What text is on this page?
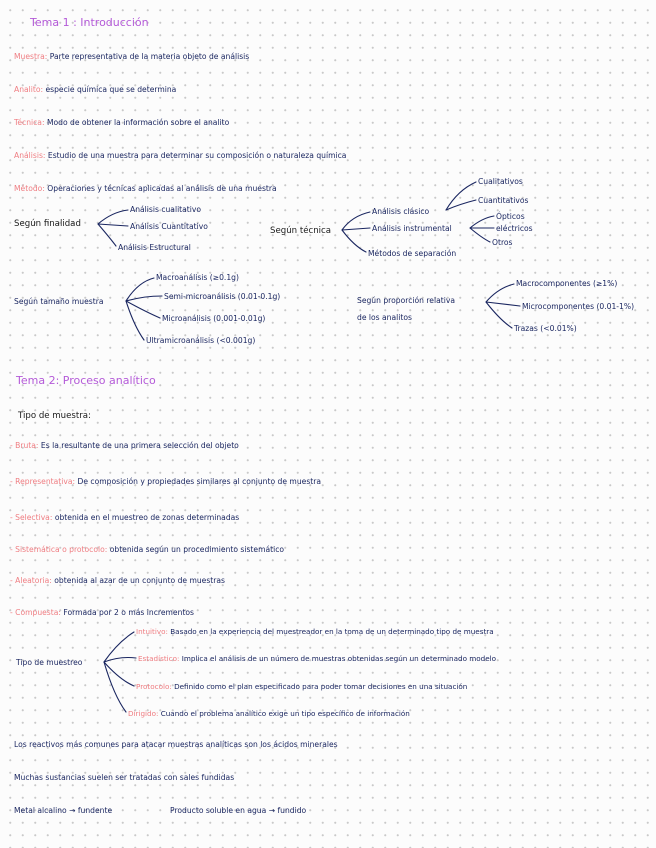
Tema 1 : Introducción
Muestra: Parte representativa de la materia objeto de análisis
Analito: especie química que se determina
Técnica: Modo de obtener la información sobre el analito
Análisis: Estudio de una muestra para determinar su composición o naturaleza química
Método: Operaciones y técnicas aplicadas al análisis de una muestra
Según finalidad
Análisis cualitativo
Análisis Cuantitativo
Análisis Estructural
Según técnica
Análisis clásico
Cualitativos
Cuantitativos
Análisis instrumental
Ópticos
eléctricos
Otros
Métodos de separación
Según tamaño muestra
Macroanálisis (≥0.1g)
Semi-microanálisis (0.01-0.1g)
Microanálisis (0.001-0.01g)
Ultramicroanálisis (<0.001g)
Según proporción relativa
de los analitos
Macrocomponentes (≥1%)
Microcomponentes (0.01-1%)
Trazas (<0.01%)
Tema 2: Proceso analítico
Tipo de muestra:
- Bruta: Es la resultante de una primera selección del objeto
- Representativa: De composición y propiedades similares al conjunto de muestra
- Selectiva: obtenida en el muestreo de zonas determinadas
- Sistemática o protocolo: obtenida según un procedimiento sistemático
- Aleatoria: obtenida al azar de un conjunto de muestras
- Compuesta: Formada por 2 o más incrementos
Tipo de muestreo
Intuitivo: Basado en la experiencia del muestreador en la toma de un determinado tipo de muestra
Estadístico: Implica el análisis de un número de muestras obtenidas según un determinado modelo
Protocolo: Definido como el plan especificado para poder tomar decisiones en una situación
Dirigido: Cuando el problema analítico exige un tipo específico de información
Los reactivos más comunes para atacar muestras analíticas son los ácidos minerales
Muchas sustancias suelen ser tratadas con sales fundidas
Metal alcalino → fundente	Producto soluble en agua → fundido
